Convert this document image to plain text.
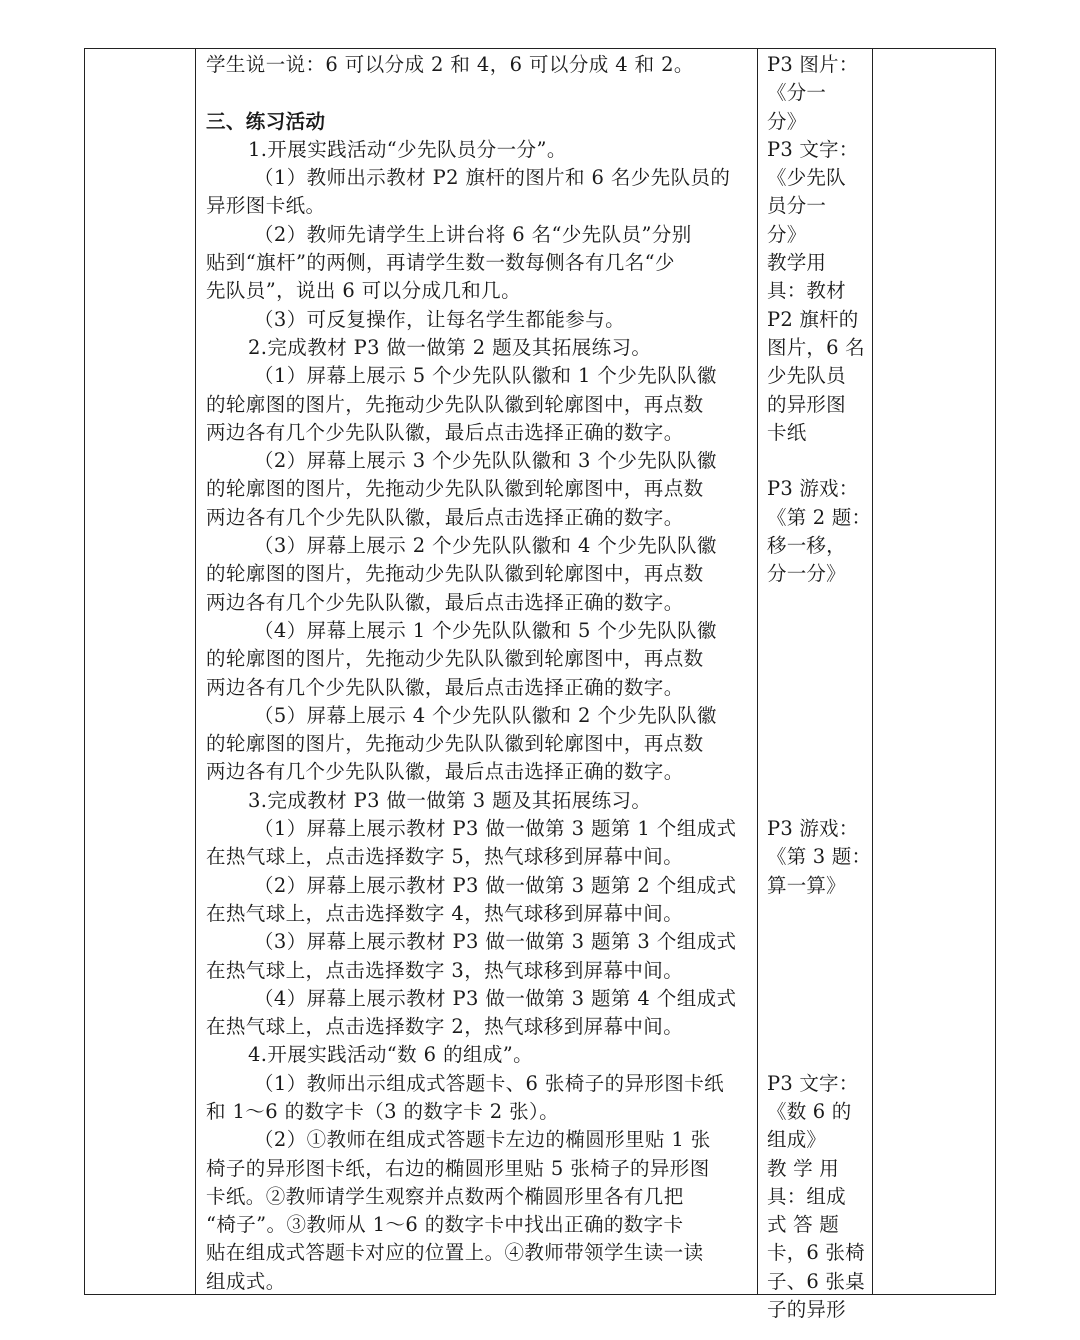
学生说一说：6 可以分成 2 和 4，6 可以分成 4 和 2。
三、练习活动
1.开展实践活动“少先队员分一分”。
（1）教师出示教材 P2 旗杆的图片和 6 名少先队员的
异形图卡纸。
（2）教师先请学生上讲台将 6 名“少先队员”分别
贴到“旗杆”的两侧，再请学生数一数每侧各有几名“少
先队员”，说出 6 可以分成几和几。
（3）可反复操作，让每名学生都能参与。
2.完成教材 P3 做一做第 2 题及其拓展练习。
（1）屏幕上展示 5 个少先队队徽和 1 个少先队队徽
的轮廓图的图片，先拖动少先队队徽到轮廓图中，再点数
两边各有几个少先队队徽，最后点击选择正确的数字。
（2）屏幕上展示 3 个少先队队徽和 3 个少先队队徽
的轮廓图的图片，先拖动少先队队徽到轮廓图中，再点数
两边各有几个少先队队徽，最后点击选择正确的数字。
（3）屏幕上展示 2 个少先队队徽和 4 个少先队队徽
的轮廓图的图片，先拖动少先队队徽到轮廓图中，再点数
两边各有几个少先队队徽，最后点击选择正确的数字。
（4）屏幕上展示 1 个少先队队徽和 5 个少先队队徽
的轮廓图的图片，先拖动少先队队徽到轮廓图中，再点数
两边各有几个少先队队徽，最后点击选择正确的数字。
（5）屏幕上展示 4 个少先队队徽和 2 个少先队队徽
的轮廓图的图片，先拖动少先队队徽到轮廓图中，再点数
两边各有几个少先队队徽，最后点击选择正确的数字。
3.完成教材 P3 做一做第 3 题及其拓展练习。
（1）屏幕上展示教材 P3 做一做第 3 题第 1 个组成式
在热气球上，点击选择数字 5，热气球移到屏幕中间。
（2）屏幕上展示教材 P3 做一做第 3 题第 2 个组成式
在热气球上，点击选择数字 4，热气球移到屏幕中间。
（3）屏幕上展示教材 P3 做一做第 3 题第 3 个组成式
在热气球上，点击选择数字 3，热气球移到屏幕中间。
（4）屏幕上展示教材 P3 做一做第 3 题第 4 个组成式
在热气球上，点击选择数字 2，热气球移到屏幕中间。
4.开展实践活动“数 6 的组成”。
（1）教师出示组成式答题卡、6 张椅子的异形图卡纸
和 1～6 的数字卡（3 的数字卡 2 张）。
（2）①教师在组成式答题卡左边的椭圆形里贴 1 张
椅子的异形图卡纸，右边的椭圆形里贴 5 张椅子的异形图
卡纸。②教师请学生观察并点数两个椭圆形里各有几把
“椅子”。③教师从 1～6 的数字卡中找出正确的数字卡
贴在组成式答题卡对应的位置上。④教师带领学生读一读
组成式。
P3 图片：
《分一
分》
P3 文字：
《少先队
员分一
分》
教学用
具：教材
P2 旗杆的
图片，6 名
少先队员
的异形图
卡纸
P3 游戏：
《第 2 题：
移一移，
分一分》
P3 游戏：
《第 3 题：
算一算》
P3 文字：
《数 6 的
组成》
教 学 用
具：组成
式 答 题
卡，6 张椅
子、6 张桌
子的异形
